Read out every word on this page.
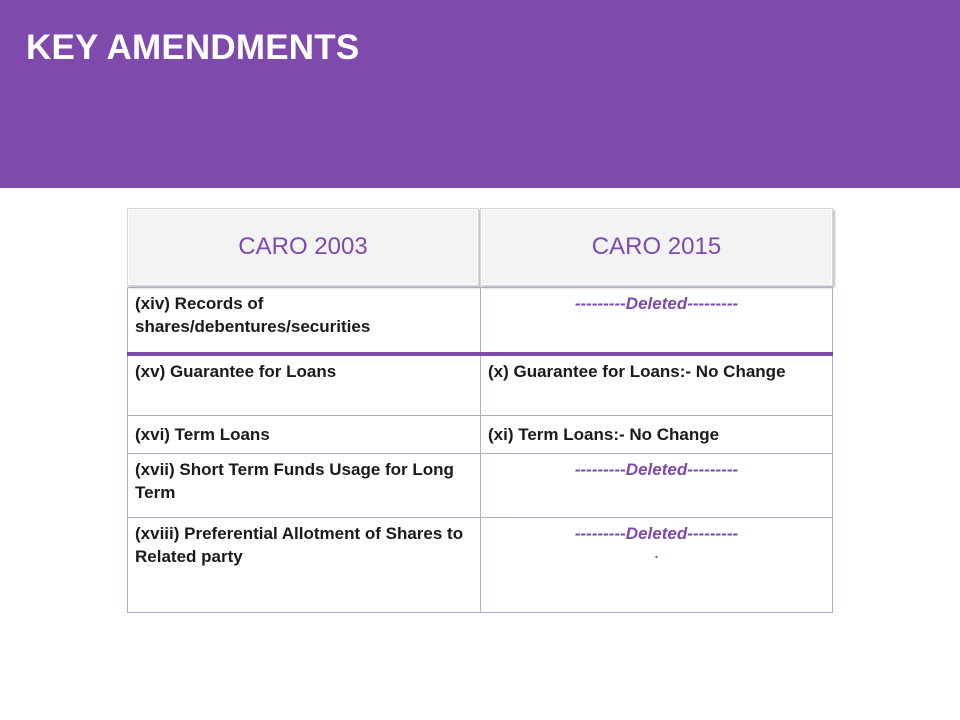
KEY AMENDMENTS
CARO 2003	CARO 2015
(xiv) Records of shares/debentures/securities	---------Deleted---------
(xv) Guarantee for Loans	(x) Guarantee for Loans:- No Change
(xvi) Term Loans	(xi) Term Loans:- No Change
(xvii) Short Term Funds Usage for Long Term	---------Deleted---------
(xviii) Preferential Allotment of Shares to Related party	---------Deleted---------
.
